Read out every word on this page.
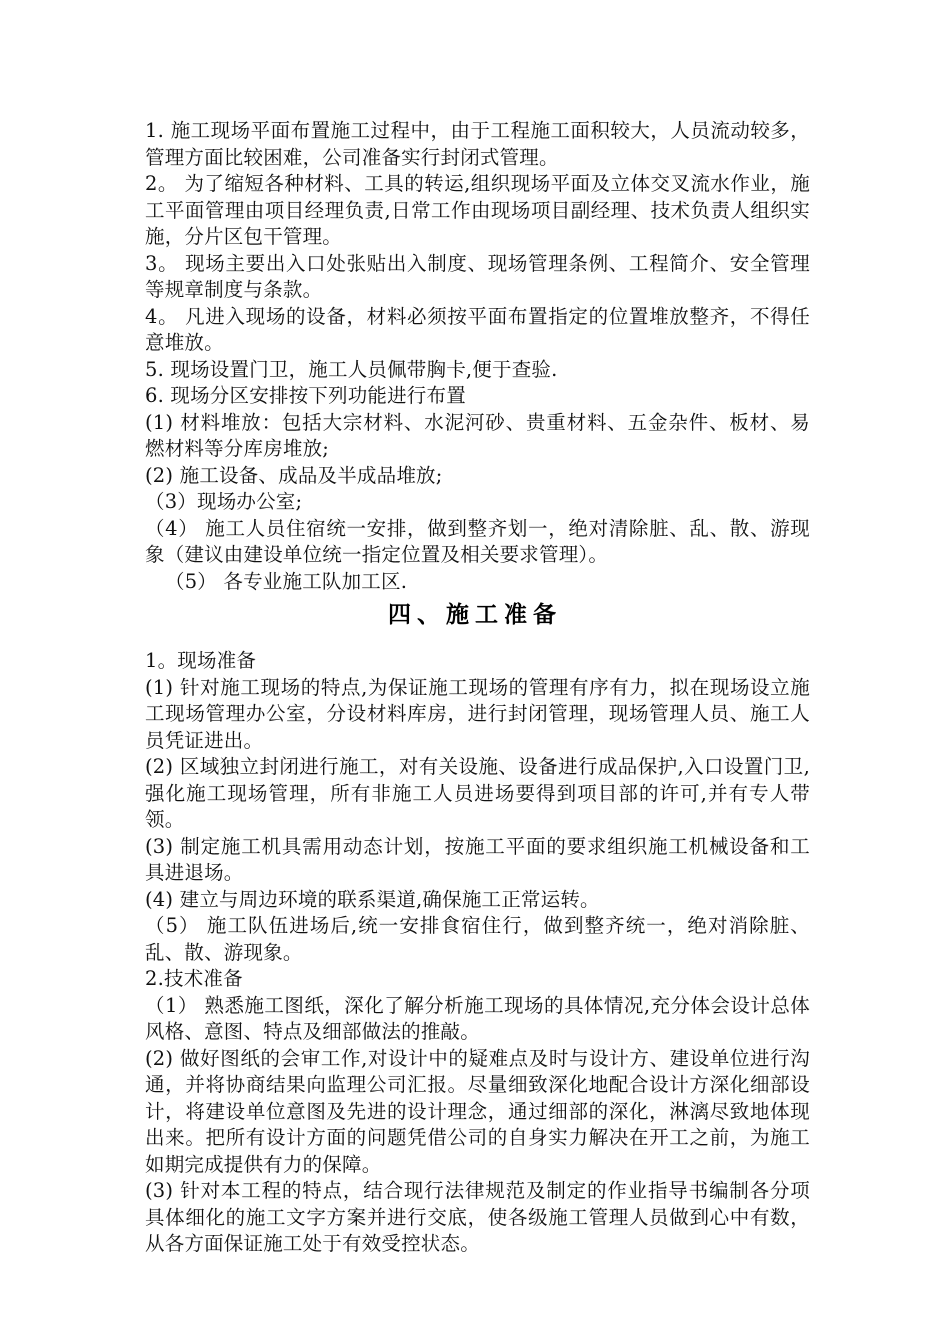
1. 施工现场平面布置施工过程中，由于工程施工面积较大，人员流动较多，管理方面比较困难，公司准备实行封闭式管理。

2。 为了缩短各种材料、工具的转运,组织现场平面及立体交叉流水作业，施工平面管理由项目经理负责,日常工作由现场项目副经理、技术负责人组织实施，分片区包干管理。

3。 现场主要出入口处张贴出入制度、现场管理条例、工程简介、安全管理等规章制度与条款。

4。 凡进入现场的设备，材料必须按平面布置指定的位置堆放整齐，不得任意堆放。

5. 现场设置门卫，施工人员佩带胸卡,便于查验.

6. 现场分区安排按下列功能进行布置

(1) 材料堆放：包括大宗材料、水泥河砂、贵重材料、五金杂件、板材、易燃材料等分库房堆放;

(2) 施工设备、成品及半成品堆放;

（3）现场办公室;

（4） 施工人员住宿统一安排，做到整齐划一，绝对清除脏、乱、散、游现象（建议由建设单位统一指定位置及相关要求管理）。

（5） 各专业施工队加工区.

四、施工准备

1。现场准备

(1) 针对施工现场的特点,为保证施工现场的管理有序有力，拟在现场设立施工现场管理办公室，分设材料库房，进行封闭管理，现场管理人员、施工人员凭证进出。

(2) 区域独立封闭进行施工，对有关设施、设备进行成品保护,入口设置门卫,强化施工现场管理，所有非施工人员进场要得到项目部的许可,并有专人带领。

(3) 制定施工机具需用动态计划，按施工平面的要求组织施工机械设备和工具进退场。

(4) 建立与周边环境的联系渠道,确保施工正常运转。

（5） 施工队伍进场后,统一安排食宿住行，做到整齐统一，绝对消除脏、乱、散、游现象。

2.技术准备

（1） 熟悉施工图纸，深化了解分析施工现场的具体情况,充分体会设计总体风格、意图、特点及细部做法的推敲。

(2) 做好图纸的会审工作,对设计中的疑难点及时与设计方、建设单位进行沟通，并将协商结果向监理公司汇报。尽量细致深化地配合设计方深化细部设计，将建设单位意图及先进的设计理念，通过细部的深化，淋漓尽致地体现出来。把所有设计方面的问题凭借公司的自身实力解决在开工之前，为施工如期完成提供有力的保障。

(3) 针对本工程的特点，结合现行法律规范及制定的作业指导书编制各分项具体细化的施工文字方案并进行交底，使各级施工管理人员做到心中有数，从各方面保证施工处于有效受控状态。
